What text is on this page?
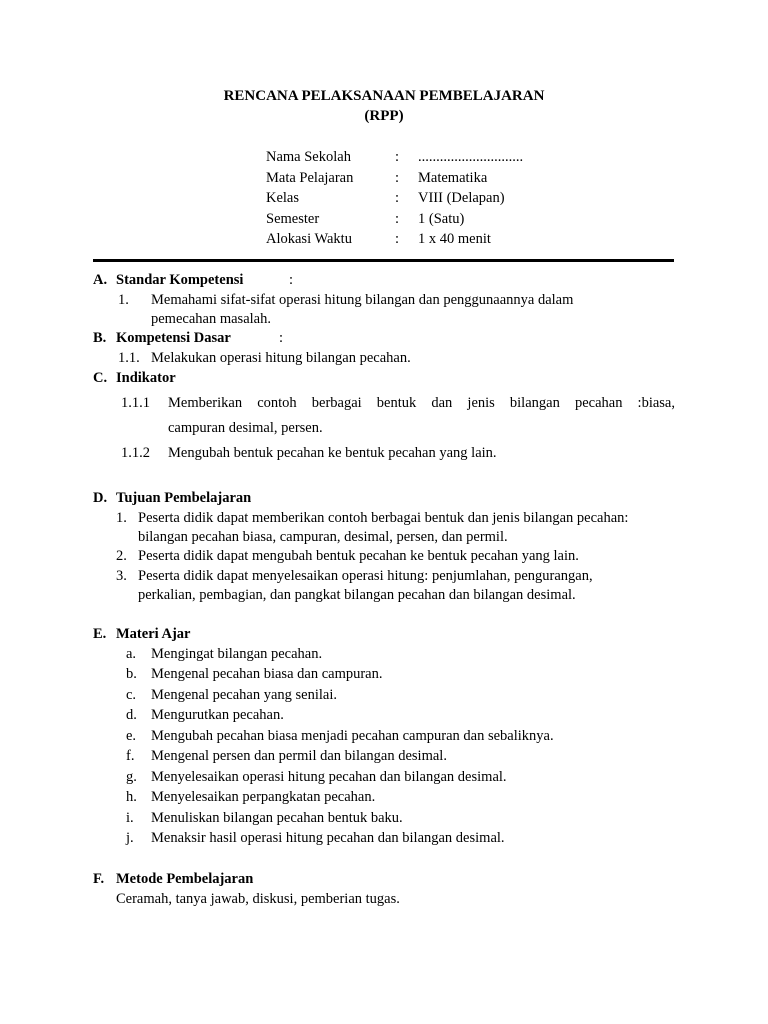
RENCANA PELAKSANAAN PEMBELAJARAN
(RPP)
Nama Sekolah	: .............................
Mata Pelajaran	: Matematika
Kelas	: VIII (Delapan)
Semester	: 1 (Satu)
Alokasi Waktu	: 1 x 40 menit
A. Standar Kompetensi	:
1. Memahami sifat-sifat operasi hitung bilangan dan penggunaannya dalam
pemecahan masalah.
B. Kompetensi Dasar	:
1.1. Melakukan operasi hitung bilangan pecahan.
C. Indikator
1.1.1 Memberikan contoh berbagai bentuk dan jenis bilangan pecahan :biasa,
campuran desimal, persen.
1.1.2 Mengubah bentuk pecahan ke bentuk pecahan yang lain.
D. Tujuan Pembelajaran
1. Peserta didik dapat memberikan contoh berbagai bentuk dan jenis bilangan pecahan:
bilangan pecahan biasa, campuran, desimal, persen, dan permil.
2. Peserta didik dapat mengubah bentuk pecahan ke bentuk pecahan yang lain.
3. Peserta didik dapat menyelesaikan operasi hitung: penjumlahan, pengurangan,
perkalian, pembagian, dan pangkat bilangan pecahan dan bilangan desimal.
E. Materi Ajar
a. Mengingat bilangan pecahan.
b. Mengenal pecahan biasa dan campuran.
c. Mengenal pecahan yang senilai.
d. Mengurutkan pecahan.
e. Mengubah pecahan biasa menjadi pecahan campuran dan sebaliknya.
f. Mengenal persen dan permil dan bilangan desimal.
g. Menyelesaikan operasi hitung pecahan dan bilangan desimal.
h. Menyelesaikan perpangkatan pecahan.
i. Menuliskan bilangan pecahan bentuk baku.
j. Menaksir hasil operasi hitung pecahan dan bilangan desimal.
F. Metode Pembelajaran
Ceramah, tanya jawab, diskusi, pemberian tugas.
